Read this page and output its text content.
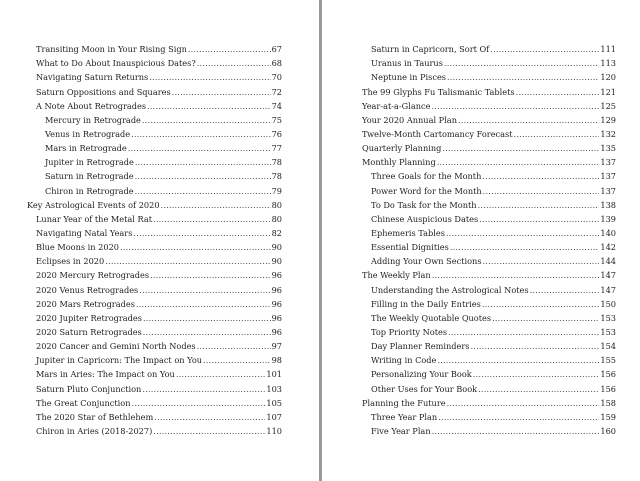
Transiting Moon in Your Rising Sign .....	67
What to Do About Inauspicious Dates? .....	68
Navigating Saturn Returns .....	70
Saturn Oppositions and Squares .....	72
A Note About Retrogrades .....	74
Mercury in Retrograde .....	75
Venus in Retrograde .....	76
Mars in Retrograde .....	77
Jupiter in Retrograde .....	78
Saturn in Retrograde .....	78
Chiron in Retrograde .....	79
Key Astrological Events of 2020 .....	80
Lunar Year of the Metal Rat .....	80
Navigating Natal Years .....	82
Blue Moons in 2020 .....	90
Eclipses in 2020 .....	90
2020 Mercury Retrogrades .....	96
2020 Venus Retrogrades .....	96
2020 Mars Retrogrades .....	96
2020 Jupiter Retrogrades .....	96
2020 Saturn Retrogrades .....	96
2020 Cancer and Gemini North Nodes .....	97
Jupiter in Capricorn: The Impact on You .....	98
Mars in Aries: The Impact on You .....	101
Saturn Pluto Conjunction .....	103
The Great Conjunction .....	105
The 2020 Star of Bethlehem .....	107
Chiron in Aries (2018-2027) .....	110
Saturn in Capricorn, Sort Of .....	111
Uranus in Taurus .....	113
Neptune in Pisces .....	120
The 99 Glyphs Fu Talismanic Tablets .....	121
Year-at-a-Glance .....	125
Your 2020 Annual Plan .....	129
Twelve-Month Cartomancy Forecast .....	132
Quarterly Planning .....	135
Monthly Planning .....	137
Three Goals for the Month .....	137
Power Word for the Month .....	137
To Do Task for the Month .....	138
Chinese Auspicious Dates .....	139
Ephemeris Tables .....	140
Essential Dignities .....	142
Adding Your Own Sections .....	144
The Weekly Plan .....	147
Understanding the Astrological Notes .....	147
Filling in the Daily Entries .....	150
The Weekly Quotable Quotes .....	153
Top Priority Notes .....	153
Day Planner Reminders .....	154
Writing in Code .....	155
Personalizing Your Book .....	156
Other Uses for Your Book .....	156
Planning the Future .....	158
Three Year Plan .....	159
Five Year Plan .....	160
